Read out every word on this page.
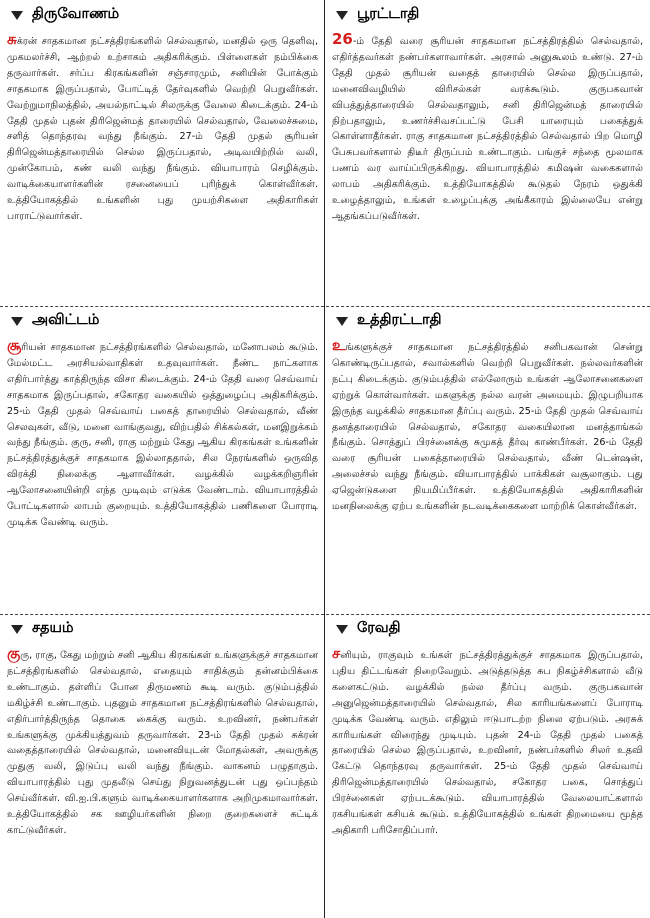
திருவோணம்

சுக்ரன் சாதகமான நட்சத்திரங்களில் செல்வதால், மனதில் ஒரு தெளிவு, முகமலர்ச்சி, ஆற்றல் உற்சாகம் அதிகரிக்கும். பிள்ளைகள் நம்பிக்கை தருவார்கள். சர்ப்ப கிரகங்களின் சஞ்சாரமும், சனியின் போக்கும் சாதகமாக இருப்பதால், போட்டித் தேர்வுகளில் வெற்றி பெறுவீர்கள். வேற்றுமாநிலத்தில், அயல்நாட்டில் சிலருக்கு வேலை கிடைக்கும். 24-ம் தேதி முதல் புதன் திரிஜென்மத் தாரையில் செல்வதால், வேலைச்சுமை, சளித் தொந்தரவு வந்து நீங்கும். 27-ம் தேதி முதல் சூரியன் திரிஜென்மத்தாரையில் செல்ல இருப்பதால், அடிவயிற்றில் வலி, முன்கோபம், கண் வலி வந்து நீங்கும். வியாபாரம் செழிக்கும். வாடிக்கையாளர்களின் ரசனையைப் புரிந்துக் கொள்வீர்கள். உத்தியோகத்தில் உங்களின் புது முயற்சிகளை அதிகாரிகள் பாராட்டுவார்கள்.

பூரட்டாதி

26-ம் தேதி வரை சூரியன் சாதகமான நட்சத்திரத்தில் செல்வதால், எதிர்த்தவர்கள் நண்பர்களாவார்கள். அரசால் அனுகூலம் உண்டு. 27-ம் தேதி முதல் சூரியன் வதைத் தாரையில் செல்ல இருப்பதால், மனைவிவழியில் விரிசல்கள் வரக்கூடும். குருபகவான் விபத்துத்தாரையில் செல்வதாலும், சனி திரிஜென்மத் தாரையில் நிற்பதாலும், உணர்ச்சிவசப்பட்டு பேசி யாரையும் பகைத்துக் கொள்ளாதீர்கள். ராகு சாதகமான நட்சத்திரத்தில் செல்வதால் பிற மொழி பேசுபவர்களால் திடீர் திருப்பம் உண்டாகும். பங்குச் சந்தை மூலமாக பணம் வர வாய்ப்பிருக்கிறது. வியாபாரத்தில் கமிஷன் வகைகளால் லாபம் அதிகரிக்கும். உத்தியோகத்தில் கூடுதல் நேரம் ஒதுக்கி உழைத்தாலும், உங்கள் உழைப்புக்கு அங்கீகாரம் இல்லையே என்று ஆதங்கப்படுவீர்கள்.

அவிட்டம்

சூரியன் சாதகமான நட்சத்திரங்களில் செல்வதால், மனோபலம் கூடும். மேல்மட்ட அரசியல்வாதிகள் உதவுவார்கள். நீண்ட நாட்களாக எதிர்பார்த்து காத்திருந்த விசா கிடைக்கும். 24-ம் தேதி வரை செவ்வாய் சாதகமாக இருப்பதால், சகோதர வகையில் ஒத்துழைப்பு அதிகரிக்கும். 25-ம் தேதி முதல் செவ்வாய் பகைத் தாரையில் செல்வதால், வீண் செலவுகள், வீடு, மனை வாங்குவது, விற்பதில் சிக்கல்கள், மனஇறுக்கம் வந்து நீங்கும். குரு, சனி, ராகு மற்றும் கேது ஆகிய கிரகங்கள் உங்களின் நட்சத்திரத்துக்குச் சாதகமாக இல்லாததால், சில நேரங்களில் ஒருவித விரக்தி நிலைக்கு ஆளாவீர்கள். வழக்கில் வழக்கறிஞரின் ஆலோசனையின்றி எந்த முடிவும் எடுக்க வேண்டாம். வியாபாரத்தில் போட்டிகளால் லாபம் குறையும். உத்தியோகத்தில் பணிகளை போராடி முடிக்க வேண்டி வரும்.

உத்திரட்டாதி

உங்களுக்குச் சாதகமான நட்சத்திரத்தில் சனிபகவான் சென்று கொண்டிருப்பதால், சவால்களில் வெற்றி பெறுவீர்கள். நல்லவர்களின் நட்பு கிடைக்கும். குடும்பத்தில் எல்லோரும் உங்கள் ஆலோசனைகளை ஏற்றுக் கொள்வார்கள். மகளுக்கு நல்ல வரன் அமையும். இழுபறியாக இருந்த வழக்கில் சாதகமான தீர்ப்பு வரும். 25-ம் தேதி முதல் செவ்வாய் தனத்தாரையில் செல்வதால், சகோதர வகையிலான மனத்தாங்கல் நீங்கும். சொத்துப் பிரச்னைக்கு சுமுகத் தீர்வு காண்பீர்கள். 26-ம் தேதி வரை சூரியன் பகைத்தாரையில் செல்வதால், வீண் டென்ஷன், அலைச்சல் வந்து நீங்கும். வியாபாரத்தில் பாக்கிகள் வசூலாகும். புது ஏஜென்டுகளை நியமிப்பீர்கள். உத்தியோகத்தில் அதிகாரிகளின் மனநிலைக்கு ஏற்ப உங்களின் நடவடிக்கைகளை மாற்றிக் கொள்வீர்கள்.

சதயம்

குரு, ராகு, கேது மற்றும் சனி ஆகிய கிரகங்கள் உங்களுக்குச் சாதகமான நட்சத்திரங்களில் செல்வதால், எதையும் சாதிக்கும் தன்னம்பிக்கை உண்டாகும். தள்ளிப் போன திருமணம் கூடி வரும். குடும்பத்தில் மகிழ்ச்சி உண்டாகும். புதனும் சாதகமான நட்சத்திரங்களில் செல்வதால், எதிர்பார்த்திருந்த தொகை கைக்கு வரும். உறவினர், நண்பர்கள் உங்களுக்கு முக்கியத்துவம் தருவார்கள். 23-ம் தேதி முதல் சுக்ரன் வதைத்தாரையில் செல்வதால், மனைவியுடன் மோதல்கள், அவருக்கு முதுகு வலி, இடுப்பு வலி வந்து நீங்கும். வாகனம் பழுதாகும். வியாபாரத்தில் புது முதலீடு செய்து நிறுவனத்துடன் புது ஒப்பந்தம் செய்வீர்கள். வி.ஐ.பி.களும் வாடிக்கையாளர்களாக அறிமுகமாவார்கள். உத்தியோகத்தில் சக ஊழியர்களின் நிறை குறைகளைச் சுட்டிக் காட்டுவீர்கள்.

ரேவதி

சனியும், ராகுவும் உங்கள் நட்சத்திரத்துக்குச் சாதகமாக இருப்பதால், புதிய திட்டங்கள் நிறைவேறும். அடுத்தடுத்த சுப நிகழ்ச்சிகளால் வீடு களைகட்டும். வழக்கில் நல்ல தீர்ப்பு வரும். குருபகவான் அனுஜென்மத்தாரையில் செல்வதால், சில காரியங்களைப் போராடி முடிக்க வேண்டி வரும். எதிலும் ஈடுபாடற்ற நிலை ஏற்படும். அரசுக் காரியங்கள் விரைந்து முடியும். புதன் 24-ம் தேதி முதல் பகைத் தாரையில் செல்ல இருப்பதால், உறவினர், நண்பர்களில் சிலர் உதவி கேட்டு தொந்தரவு தருவார்கள். 25-ம் தேதி முதல் செவ்வாய் திரிஜென்மத்தாரையில் செல்வதால், சகோதர பகை, சொத்துப் பிரச்னைகள் ஏற்படக்கூடும். வியாபாரத்தில் வேலையாட்களால் ரகசியங்கள் கசியக் கூடும். உத்தியோகத்தில் உங்கள் திறமையை மூத்த அதிகாரி பரிசோதிப்பார்.
